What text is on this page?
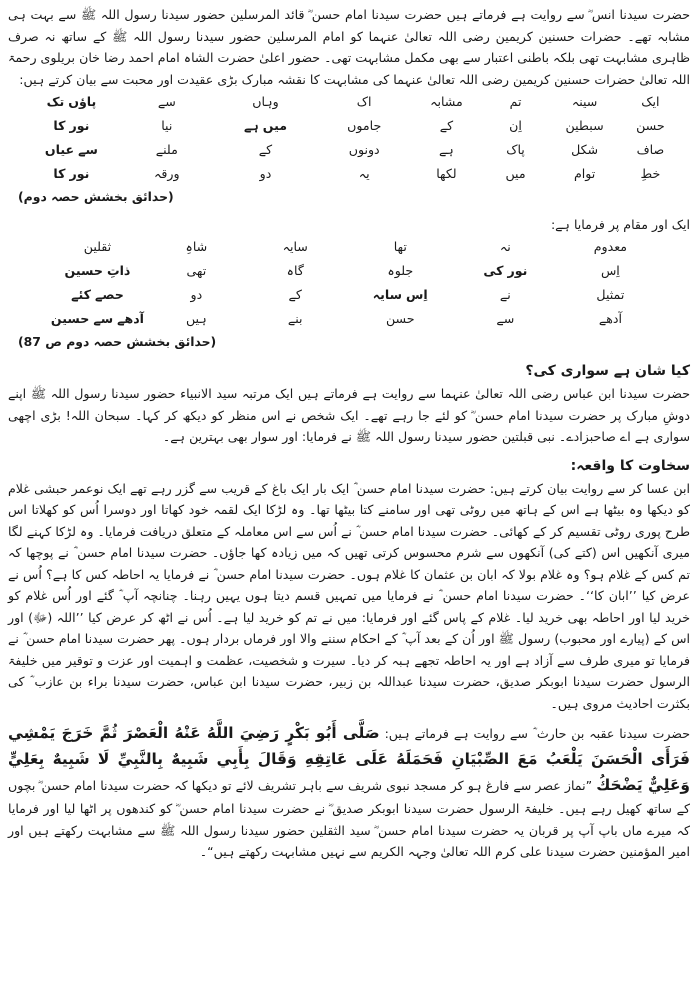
حضرت سیدنا انس ؓ سے روایت ہے فرماتے ہیں حضرت سیدنا امام حسن ؓ قائد المرسلین حضور سیدنا رسول اللہ ﷺ سے بہت ہی مشابہ تھے۔ حضرات حسنین کریمین رضی اللہ تعالیٰ عنہما کو امام المرسلین حضور سیدنا رسول اللہ ﷺ کے ساتھ نہ صرف ظاہری مشابہت تھی بلکہ باطنی اعتبار سے بھی مکمل مشابہت تھی۔ حضور اعلیٰ حضرت الشاہ امام احمد رضا خان بریلوی رحمۃ اللہ تعالیٰ حضرات حسنین کریمین رضی اللہ تعالیٰ عنہما کی مشابہت کا نقشہ مبارک بڑی عقیدت اور محبت سے بیان کرتے ہیں:

ایک
سینہ
تم
مشابہ
اک
وہاں
سے
پاؤں تک
حسن
سبطین
اِن
کے
جاموں
میں ہے
نیا
نور کا
صاف
شکل
پاک
ہے
دونوں
کے
ملنے
سے عیاں
خطِ
توام
میں
لکھا
یہ
دو
ورقہ
نور کا

(حدائق بخشش حصہ دوم)

ایک اور مقام پر فرمایا ہے:

معدوم
نہ
تھا
سایہ
شاہِ
ثقلین
اِس
نور کی
جلوہ
گاہ
تھی
ذاتِ حسین
تمثیل
نے
اِس سایہ
کے
دو
حصے کئے
آدھے
سے
حسن
بنے
ہیں
آدھے سے حسین

(حدائق بخشش حصہ دوم ص 87)

کیا شان ہے سواری کی؟

حضرت سیدنا ابن عباس رضی اللہ تعالیٰ عنہما سے روایت ہے فرماتے ہیں ایک مرتبہ سید الانبیاء حضور سیدنا رسول اللہ ﷺ اپنے دوشِ مبارک پر حضرت سیدنا امام حسن ؓ کو لئے جا رہے تھے۔ ایک شخص نے اس منظر کو دیکھ کر کہا۔ سبحان اللہ! بڑی اچھی سواری ہے اے صاحبزادے۔ نبی قبلتین حضور سیدنا رسول اللہ ﷺ نے فرمایا: اور سوار بھی بہترین ہے۔

سخاوت کا واقعہ:

ابن عسا کر سے روایت بیان کرتے ہیں: حضرت سیدنا امام حسن ؓ ایک بار ایک باغ کے قریب سے گزر رہے تھے ایک نوعمر حبشی غلام کو دیکھا وہ بیٹھا ہے اس کے ہاتھ میں روٹی تھی اور سامنے کتا بیٹھا تھا۔ وہ لڑکا ایک لقمہ خود کھاتا اور دوسرا اُس کو کھلاتا اس طرح پوری روٹی تقسیم کر کے کھائی۔ حضرت سیدنا امام حسن ؓ نے اُس سے اس معاملہ کے متعلق دریافت فرمایا۔ وہ لڑکا کہنے لگا میری آنکھیں اس (کتے کی) آنکھوں سے شرم محسوس کرتی تھیں کہ میں زیادہ کھا جاؤں۔ حضرت سیدنا امام حسن ؓ نے پوچھا کہ تم کس کے غلام ہو؟ وہ غلام بولا کہ ابان بن عثمان کا غلام ہوں۔ حضرت سیدنا امام حسن ؓ نے فرمایا یہ احاطہ کس کا ہے؟ اُس نے عرض کیا ’’ابان کا‘‘۔ حضرت سیدنا امام حسن ؓ نے فرمایا میں تمہیں قسم دیتا ہوں یہیں رہنا۔ چنانچہ آپ ؓ گئے اور اُس غلام کو خرید لیا اور احاطہ بھی خرید لیا۔ غلام کے پاس گئے اور فرمایا: میں نے تم کو خرید لیا ہے۔ اُس نے اٹھ کر عرض کیا ’’اللہ (ﷻ) اور اس کے (پیارے اور محبوب) رسول ﷺ اور اُن کے بعد آپ ؓ کے احکام سننے والا اور فرماں بردار ہوں۔ پھر حضرت سیدنا امام حسن ؓ نے فرمایا تو میری طرف سے آزاد ہے اور یہ احاطہ تجھے ہبہ کر دیا۔ سیرت و شخصیت، عظمت و اہمیت اور عزت و توقیر میں خلیفۃ الرسول حضرت سیدنا ابوبکر صدیق، حضرت سیدنا عبداللہ بن زبیر، حضرت سیدنا ابن عباس، حضرت سیدنا براء بن عازب ؓ کی بکثرت احادیث مروی ہیں۔

حضرت سیدنا عقبہ بن حارث ؓ سے روایت ہے فرماتے ہیں: صَلَّى أَبُو بَكْرٍ رَضِيَ اللَّهُ عَنْهُ الْعَصْرَ ثُمَّ خَرَجَ يَمْشِي فَرَأَى الْحَسَنَ يَلْعَبُ مَعَ الصِّبْيَانِ فَحَمَلَهُ عَلَى عَاتِقِهِ وَقَالَ بِأَبِي شَبِيهٌ بِالنَّبِيِّ لَا شَبِيهٌ بِعَلِيٍّ وَعَلِيٌّ يَضْحَكُ ”نماز عصر سے فارغ ہو کر مسجد نبوی شریف سے باہر تشریف لائے تو دیکھا کہ حضرت سیدنا امام حسن ؓ بچوں کے ساتھ کھیل رہے ہیں۔ خلیفۃ الرسول حضرت سیدنا ابوبکر صدیق ؓ نے حضرت سیدنا امام حسن ؓ کو کندھوں پر اٹھا لیا اور فرمایا کہ میرے ماں باپ آپ پر قربان یہ حضرت سیدنا امام حسن ؓ سید الثقلین حضور سیدنا رسول اللہ ﷺ سے مشابہت رکھتے ہیں اور امیر المؤمنین حضرت سیدنا علی کرم اللہ تعالیٰ وجہہ الکریم سے نہیں مشابہت رکھتے ہیں“۔
